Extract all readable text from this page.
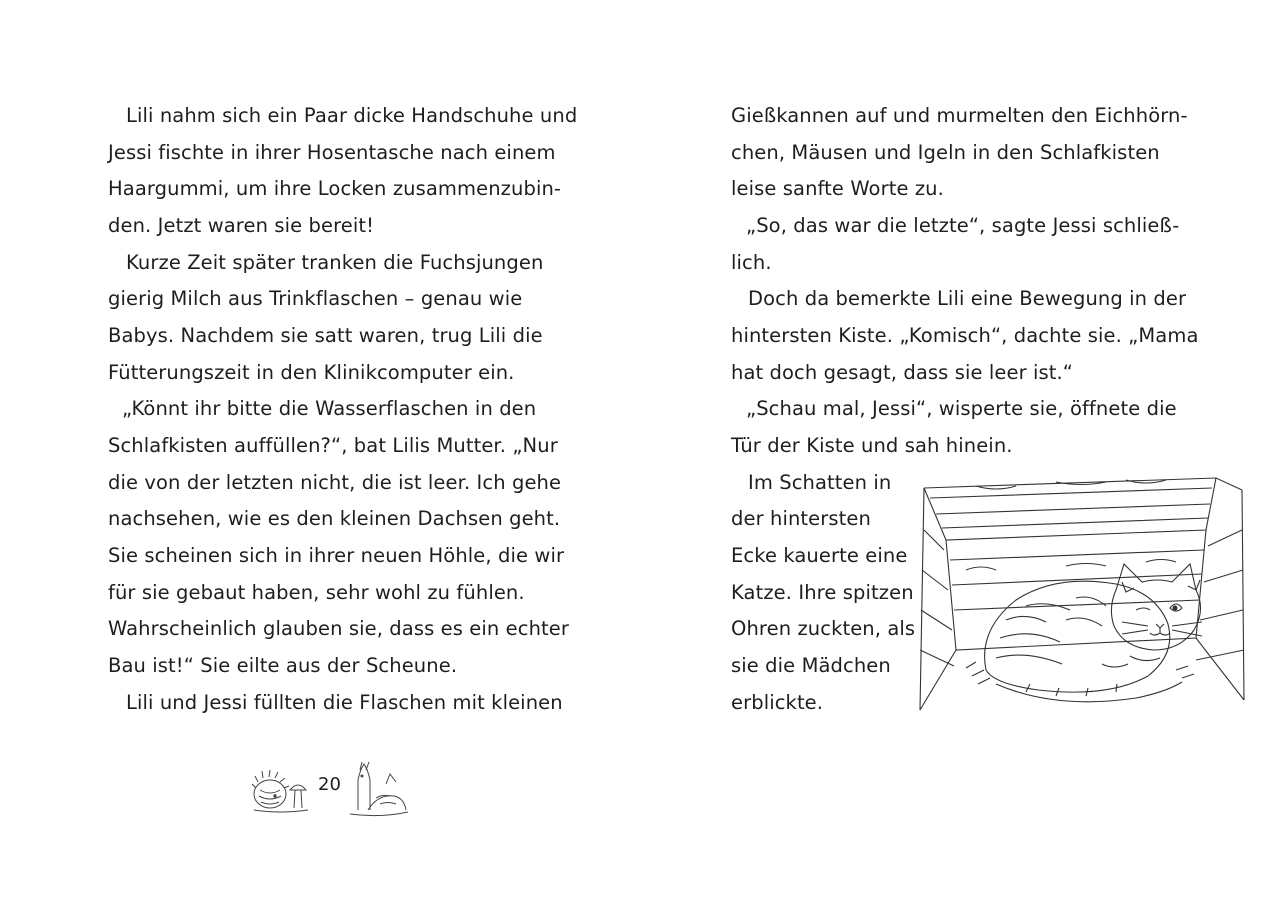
Lili nahm sich ein Paar dicke Handschuhe und
Jessi fischte in ihrer Hosentasche nach einem
Haargummi, um ihre Locken zusammenzubin-
den. Jetzt waren sie bereit!
Kurze Zeit später tranken die Fuchsjungen
gierig Milch aus Trinkflaschen – genau wie
Babys. Nachdem sie satt waren, trug Lili die
Fütterungszeit in den Klinikcomputer ein.
„Könnt ihr bitte die Wasserflaschen in den
Schlafkisten auffüllen?“, bat Lilis Mutter. „Nur
die von der letzten nicht, die ist leer. Ich gehe
nachsehen, wie es den kleinen Dachsen geht.
Sie scheinen sich in ihrer neuen Höhle, die wir
für sie gebaut haben, sehr wohl zu fühlen.
Wahrscheinlich glauben sie, dass es ein echter
Bau ist!“ Sie eilte aus der Scheune.
Lili und Jessi füllten die Flaschen mit kleinen
20
Gießkannen auf und murmelten den Eichhörn-
chen, Mäusen und Igeln in den Schlafkisten
leise sanfte Worte zu.
„So, das war die letzte“, sagte Jessi schließ-
lich.
Doch da bemerkte Lili eine Bewegung in der
hintersten Kiste. „Komisch“, dachte sie. „Mama
hat doch gesagt, dass sie leer ist.“
„Schau mal, Jessi“, wisperte sie, öffnete die
Tür der Kiste und sah hinein.
Im Schatten in
der hintersten
Ecke kauerte eine
Katze. Ihre spitzen
Ohren zuckten, als
sie die Mädchen
erblickte.
